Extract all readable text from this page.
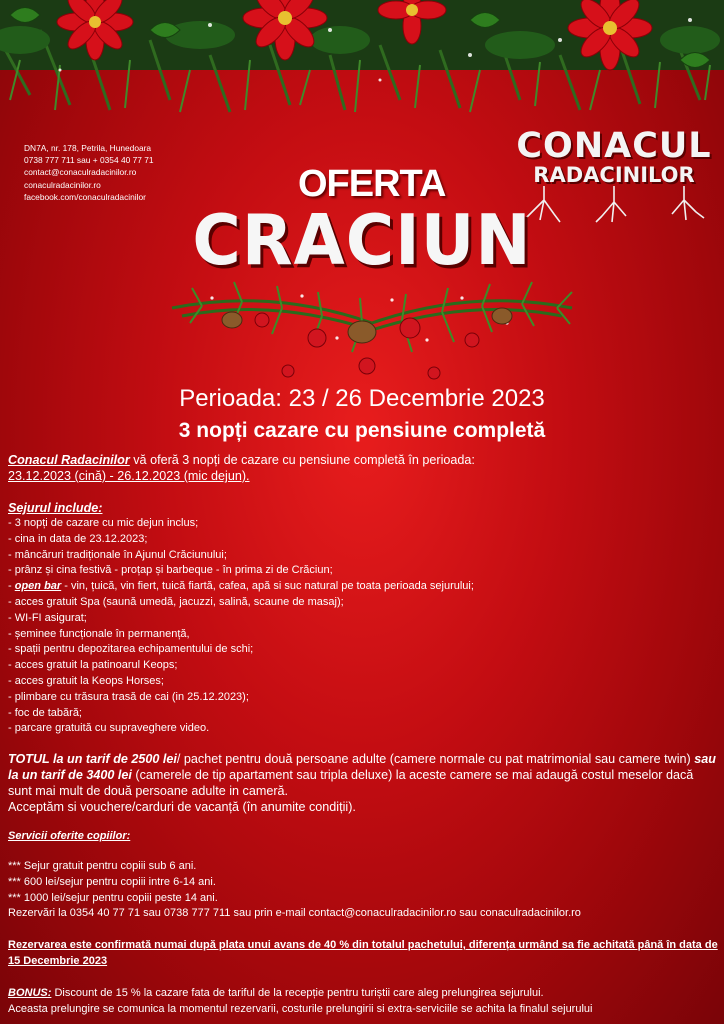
DN7A, nr. 178, Petrila, Hunedoara
0738 777 711 sau + 0354 40 77 71
contact@conaculradacinilor.ro
conaculradacinilor.ro
facebook.com/conaculradacinilor
CONACUL
RADACINILOR
OFERTA
CRACIUN
Perioada: 23 / 26 Decembrie 2023
3 nopți cazare cu pensiune completă

Conacul Radacinilor vă oferă 3 nopți de cazare cu pensiune completă în perioada:

23.12.2023 (cină) - 26.12.2023 (mic dejun).

Sejurul include:

- 3 nopți de cazare cu mic dejun inclus;
- cina in data de 23.12.2023;
- mâncăruri tradiționale în Ajunul Crăciunului;
- prânz și cina festivă - proțap și barbeque - în prima zi de Crăciun;
- open bar - vin, țuică, vin fiert, tuică fiartă, cafea, apă si suc natural pe toata perioada sejurului;
- acces gratuit Spa (saună umedă, jacuzzi, salină, scaune de masaj);
- WI-FI asigurat;
- șeminee funcționale în permanență,
- spații pentru depozitarea echipamentului de schi;
- acces gratuit la patinoarul Keops;
- acces gratuit la Keops Horses;
- plimbare cu trăsura trasă de cai (in 25.12.2023);
- foc de tabără;
- parcare gratuită cu supraveghere video.

TOTUL la un tarif de 2500 lei/ pachet pentru două persoane adulte (camere normale cu pat matrimonial sau camere twin) sau la un tarif de 3400 lei (camerele de tip apartament sau tripla deluxe) la aceste camere se mai adaugă costul meselor dacă sunt mai mult de două persoane adulte in cameră.

Acceptăm si vouchere/carduri de vacanță (în anumite condiții).

Servicii oferite copiilor:

*** Sejur gratuit pentru copiii sub 6 ani.
*** 600 lei/sejur pentru copiii intre 6-14 ani.
*** 1000 lei/sejur pentru copiii peste 14 ani.
Rezervări la 0354 40 77 71 sau 0738 777 711 sau prin e-mail contact@conaculradacinilor.ro sau conaculradacinilor.ro

Rezervarea este confirmată numai după plata unui avans de 40 % din totalul pachetului, diferența urmând sa fie achitată până în data de 15 Decembrie 2023

BONUS: Discount de 15 % la cazare fata de tariful de la recepție pentru turiștii care aleg prelungirea sejurului.
Aceasta prelungire se comunica la momentul rezervarii, costurile prelungirii si extra-serviciile se achita la finalul sejurului
